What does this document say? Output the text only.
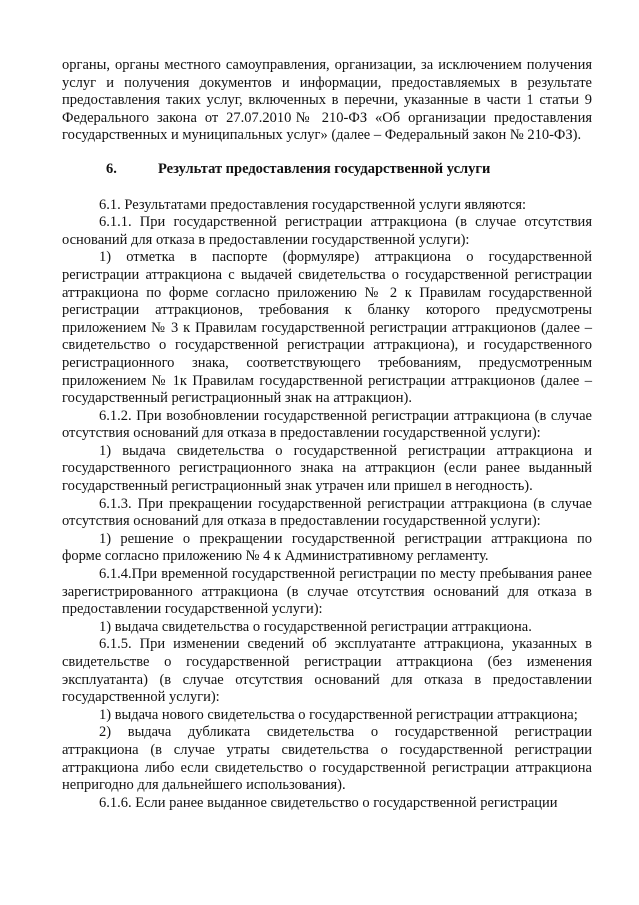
органы, органы местного самоуправления, организации, за исключением получения услуг и получения документов и информации, предоставляемых в результате предоставления таких услуг, включенных в перечни, указанные в части 1 статьи 9 Федерального закона от 27.07.2010№ 210-ФЗ «Об организации предоставления государственных и муниципальных услуг» (далее – Федеральный закон № 210-ФЗ).

6.	Результат предоставления государственной услуги

6.1. Результатами предоставления государственной услуги являются:

6.1.1. При государственной регистрации аттракциона (в случае отсутствия оснований для отказа в предоставлении государственной услуги):

1) отметка в паспорте (формуляре) аттракциона о государственной регистрации аттракциона с выдачей свидетельства о государственной регистрации аттракциона по форме согласно приложению № 2 к Правилам государственной регистрации аттракционов, требования к бланку которого предусмотрены приложением № 3 к Правилам государственной регистрации аттракционов (далее – свидетельство о государственной регистрации аттракциона), и государственного регистрационного знака, соответствующего требованиям, предусмотренным приложением № 1к Правилам государственной регистрации аттракционов (далее – государственный регистрационный знак на аттракцион).

6.1.2. При возобновлении государственной регистрации аттракциона (в случае отсутствия оснований для отказа в предоставлении государственной услуги):

1) выдача свидетельства о государственной регистрации аттракциона и государственного регистрационного знака на аттракцион (если ранее выданный государственный регистрационный знак утрачен или пришел в негодность).

6.1.3. При прекращении государственной регистрации аттракциона (в случае отсутствия оснований для отказа в предоставлении государственной услуги):

1) решение о прекращении государственной регистрации аттракциона по форме согласно приложению № 4 к Административному регламенту.

6.1.4.При временной государственной регистрации по месту пребывания ранее зарегистрированного аттракциона (в случае отсутствия оснований для отказа в предоставлении государственной услуги):

1) выдача свидетельства о государственной регистрации аттракциона.

6.1.5. При изменении сведений об эксплуатанте аттракциона, указанных в свидетельстве о государственной регистрации аттракциона (без изменения эксплуатанта) (в случае отсутствия оснований для отказа в предоставлении государственной услуги):

1) выдача нового свидетельства о государственной регистрации аттракциона;

2) выдача дубликата свидетельства о государственной регистрации аттракциона (в случае утраты свидетельства о государственной регистрации аттракциона либо если свидетельство о государственной регистрации аттракциона непригодно для дальнейшего использования).

6.1.6. Если ранее выданное свидетельство о государственной регистрации
